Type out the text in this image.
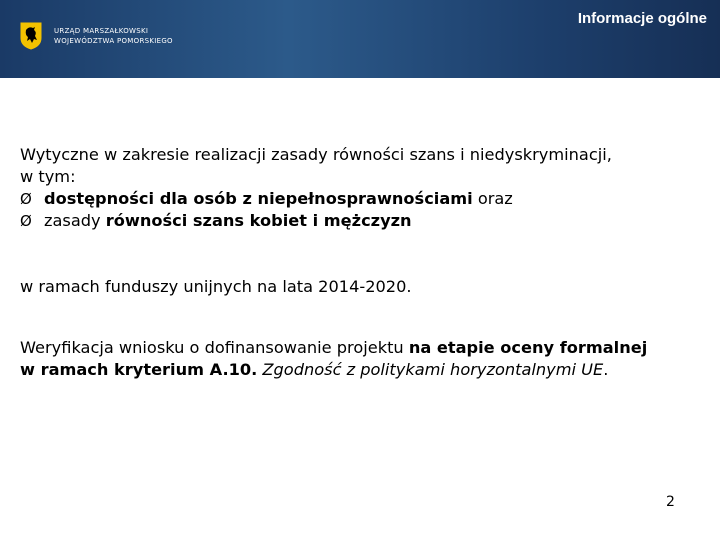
URZĄD MARSZAŁKOWSKI
WOJEWÓDZTWA POMORSKIEGO
Informacje ogólne

Wytyczne w zakresie realizacji zasady równości szans i niedyskryminacji,

w tym:

Ø dostępności dla osób z niepełnosprawnościami oraz
Ø zasady równości szans kobiet i mężczyzn

w ramach funduszy unijnych na lata 2014-2020.

Weryfikacja wniosku o dofinansowanie projektu na etapie oceny formalnej
w ramach kryterium A.10. Zgodność z politykami horyzontalnymi UE.

2
